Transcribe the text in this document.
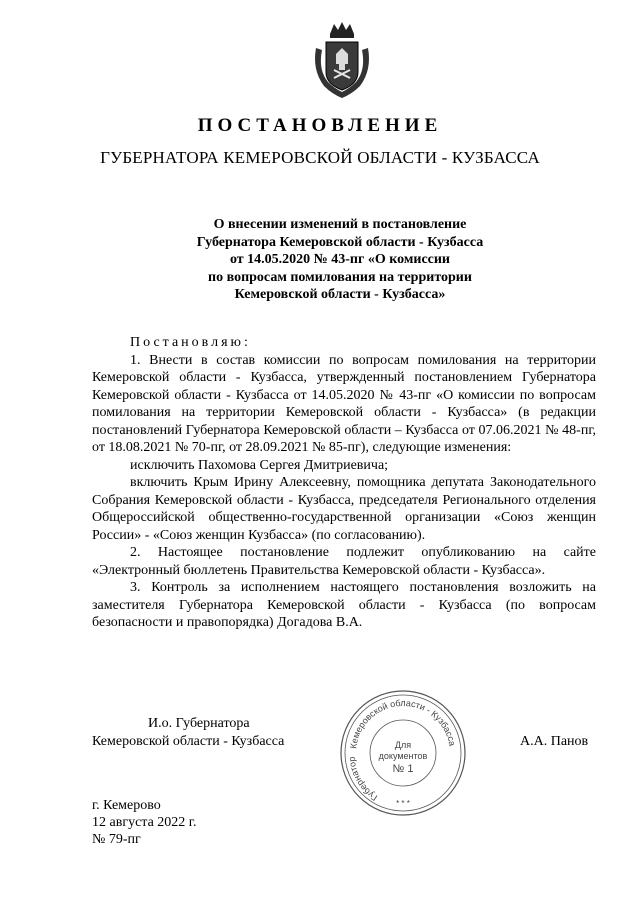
ПОСТАНОВЛЕНИЕ
ГУБЕРНАТОРА КЕМЕРОВСКОЙ ОБЛАСТИ - КУЗБАССА
О внесении изменений в постановление
Губернатора Кемеровской области - Кузбасса
от 14.05.2020 № 43-пг «О комиссии
по вопросам помилования на территории
Кемеровской области - Кузбасса»

Постановляю:

1. Внести в состав комиссии по вопросам помилования на территории Кемеровской области - Кузбасса, утвержденный постановлением Губернатора Кемеровской области - Кузбасса от 14.05.2020 № 43-пг «О комиссии по вопросам помилования на территории Кемеровской области - Кузбасса» (в редакции постановлений Губернатора Кемеровской области – Кузбасса от 07.06.2021 № 48-пг, от 18.08.2021 № 70-пг, от 28.09.2021 № 85-пг), следующие изменения:

исключить Пахомова Сергея Дмитриевича;

включить Крым Ирину Алексеевну, помощника депутата Законодательного Собрания Кемеровской области - Кузбасса, председателя Регионального отделения Общероссийской общественно-государственной организации «Союз женщин России» - «Союз женщин Кузбасса» (по согласованию).

2. Настоящее постановление подлежит опубликованию на сайте «Электронный бюллетень Правительства Кемеровской области - Кузбасса».

3. Контроль за исполнением настоящего постановления возложить на заместителя Губернатора Кемеровской области - Кузбасса (по вопросам безопасности и правопорядка) Догадова В.А.

И.о. Губернатора
Кемеровской области - Кузбасса	А.А. Панов
Кемеровской области - Кузбасса
Губернатор
Для
документов
№ 1
* * *
г. Кемерово
12 августа 2022 г.
№ 79-пг
